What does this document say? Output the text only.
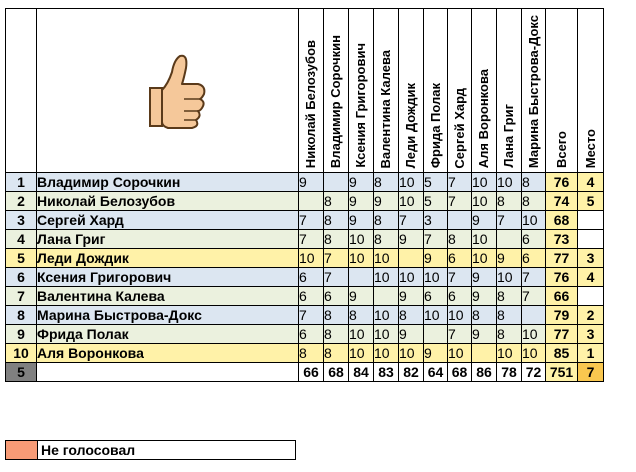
		Николай Белозубов	Владимир Сорочкин	Ксения Григорович	Валентина Калева	Леди Дождик	Фрида Полак	Сергей Хард	Аля Воронкова	Лана Григ	Марина Быстрова-Докс	Всего	Место
1	Владимир Сорочкин	9		9	8	10	5	7	10	10	8	76	4
2	Николай Белозубов		8	9	9	10	5	7	10	8	8	74	5
3	Сергей Хард	7	8	9	8	7	3		9	7	10	68	
4	Лана Григ	7	8	10	8	9	7	8	10		6	73	
5	Леди Дождик	10	7	10	10		9	6	10	9	6	77	3
6	Ксения Григорович	6	7		10	10	10	7	9	10	7	76	4
7	Валентина Калева	6	6	9		9	6	6	9	8	7	66	
8	Марина Быстрова-Докс	7	8	8	10	8	10	10	8	8		79	2
9	Фрида Полак	6	8	10	10	9		7	9	8	10	77	3
10	Аля Воронкова	8	8	10	10	10	9	10		10	10	85	1
5		66	68	84	83	82	64	68	86	78	72	751	7
	Не голосовал
